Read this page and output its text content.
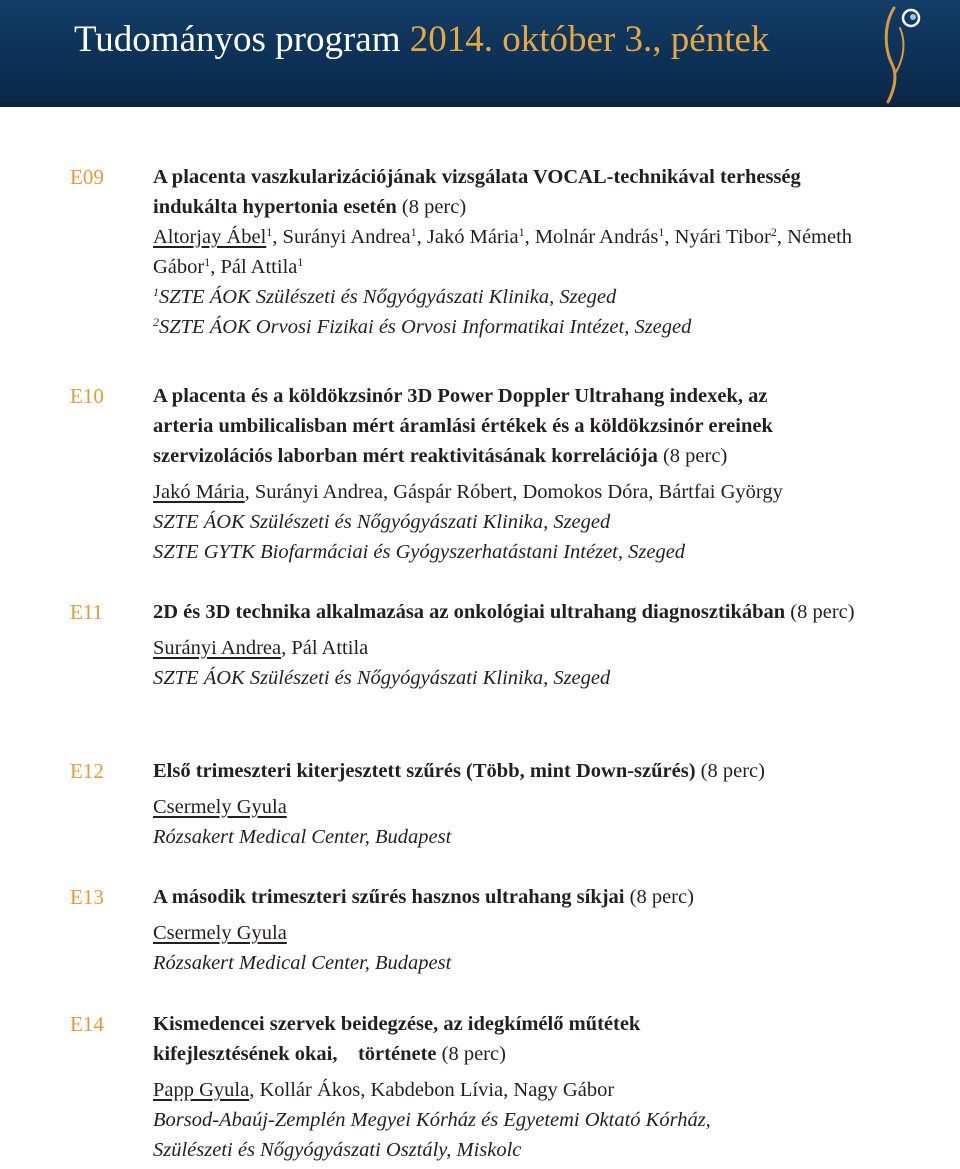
Tudományos program 2014. október 3., péntek
E09 A placenta vaszkularizációjának vizsgálata VOCAL-technikával terhesség indukálta hypertonia esetén (8 perc)

Altorjay Ábel$^1$, Surányi Andrea$^1$, Jakó Mária$^1$, Molnár András$^1$, Nyári Tibor$^2$, Németh Gábor$^1$, Pál Attila$^1$

$^1$SZTE ÁOK Szülészeti és Nőgyógyászati Klinika, Szeged

$^2$SZTE ÁOK Orvosi Fizikai és Orvosi Informatikai Intézet, Szeged

E10 A placenta és a köldökzsinór 3D Power Doppler Ultrahang indexek, az

arteria umbilicalisban mért áramlási értékek és a köldökzsinór ereinek

szervizolációs laborban mért reaktivitásának korrelációja (8 perc)

Jakó Mária, Surányi Andrea, Gáspár Róbert, Domokos Dóra, Bártfai György

SZTE ÁOK Szülészeti és Nőgyógyászati Klinika, Szeged

SZTE GYTK Biofarmáciai és Gyógyszerhatástani Intézet, Szeged

E11 2D és 3D technika alkalmazása az onkológiai ultrahang diagnosztikában (8 perc)

Surányi Andrea, Pál Attila

SZTE ÁOK Szülészeti és Nőgyógyászati Klinika, Szeged

E12 Első trimeszteri kiterjesztett szűrés (Több, mint Down-szűrés) (8 perc)

Csermely Gyula

Rózsakert Medical Center, Budapest

E13 A második trimeszteri szűrés hasznos ultrahang síkjai (8 perc)

Csermely Gyula

Rózsakert Medical Center, Budapest

E14 Kismedencei szervek beidegzése, az idegkímélő műtétek

kifejlesztésének okai,    története (8 perc)

Papp Gyula, Kollár Ákos, Kabdebon Lívia, Nagy Gábor

Borsod-Abaúj-Zemplén Megyei Kórház és Egyetemi Oktató Kórház,

Szülészeti és Nőgyógyászati Osztály, Miskolc
